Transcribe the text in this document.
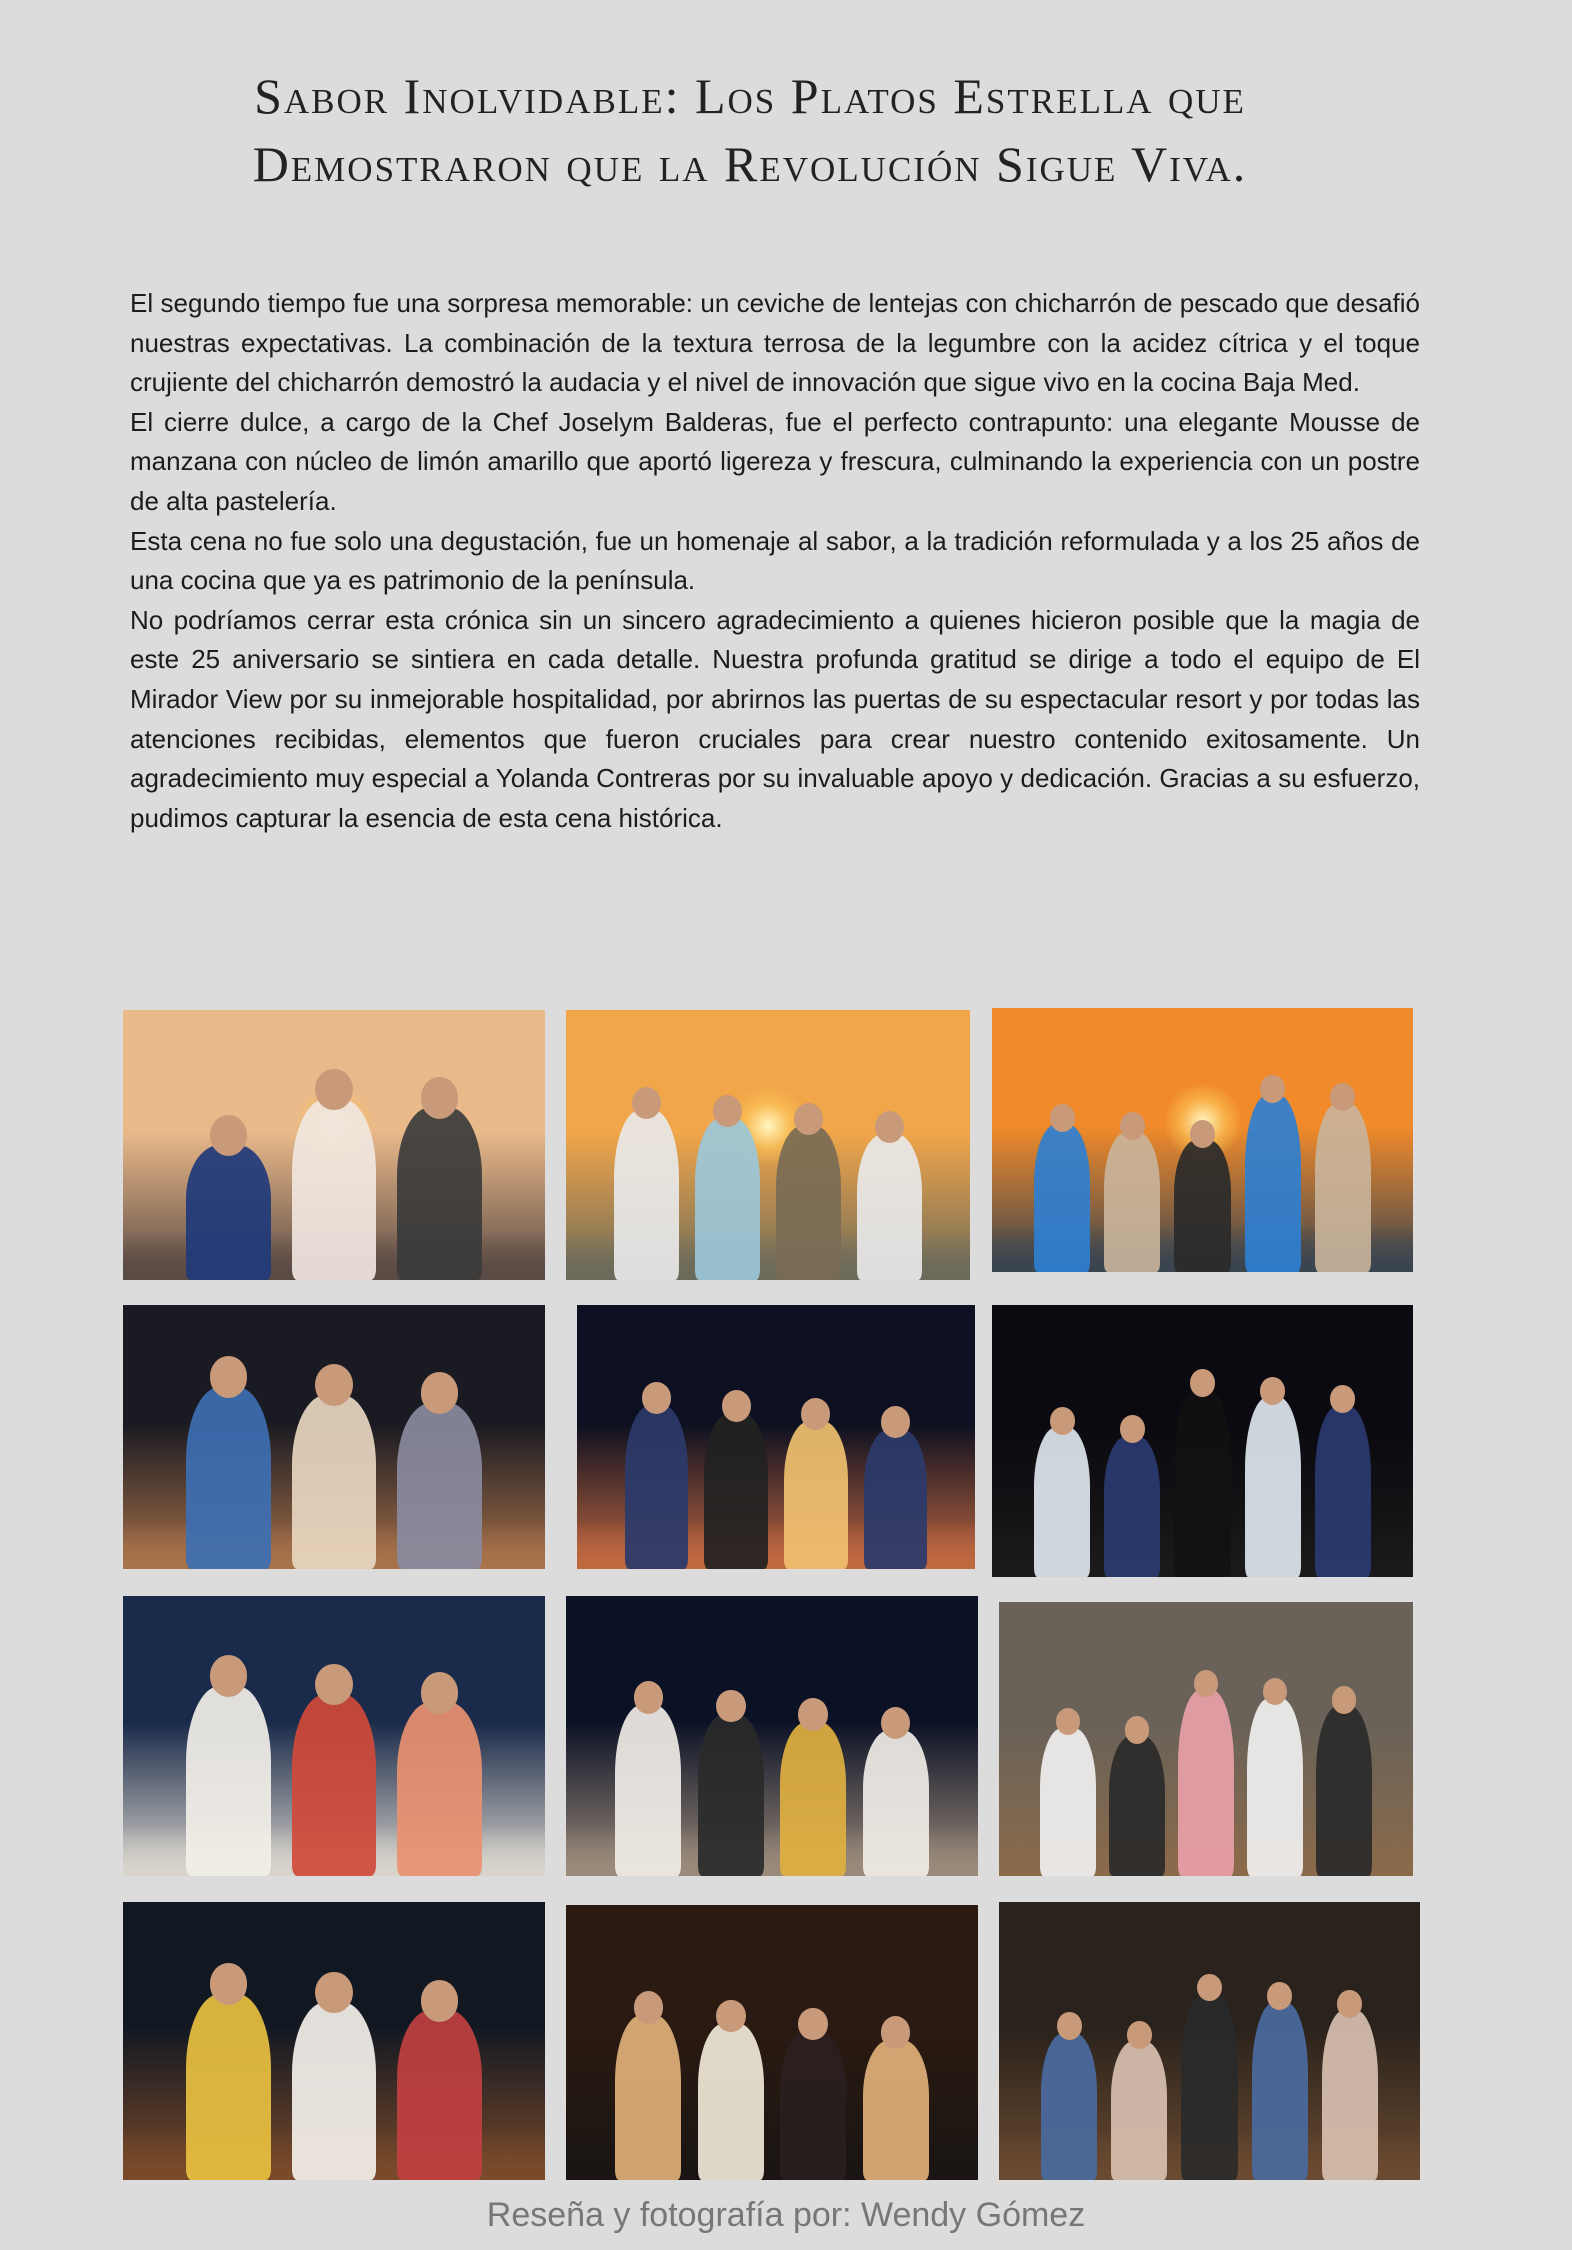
Sabor Inolvidable: Los Platos Estrella que
Demostraron que la Revolución Sigue Viva.

El segundo tiempo fue una sorpresa memorable: un ceviche de lentejas con chicharrón de pescado que desafió nuestras expectativas. La combinación de la textura terrosa de la legumbre con la acidez cítrica y el toque crujiente del chicharrón demostró la audacia y el nivel de innovación que sigue vivo en la cocina Baja Med.

El cierre dulce, a cargo de la Chef Joselym Balderas, fue el perfecto contrapunto: una elegante Mousse de manzana con núcleo de limón amarillo que aportó ligereza y frescura, culminando la experiencia con un postre de alta pastelería.

Esta cena no fue solo una degustación, fue un homenaje al sabor, a la tradición reformulada y a los 25 años de una cocina que ya es patrimonio de la península.

No podríamos cerrar esta crónica sin un sincero agradecimiento a quienes hicieron posible que la magia de este 25 aniversario se sintiera en cada detalle. Nuestra profunda gratitud se dirige a todo el equipo de El Mirador View por su inmejorable hospitalidad, por abrirnos las puertas de su espectacular resort y por todas las atenciones recibidas, elementos que fueron cruciales para crear nuestro contenido exitosamente. Un agradecimiento muy especial a Yolanda Contreras por su invaluable apoyo y dedicación. Gracias a su esfuerzo, pudimos capturar la esencia de esta cena histórica.

Reseña y fotografía por: Wendy Gómez
